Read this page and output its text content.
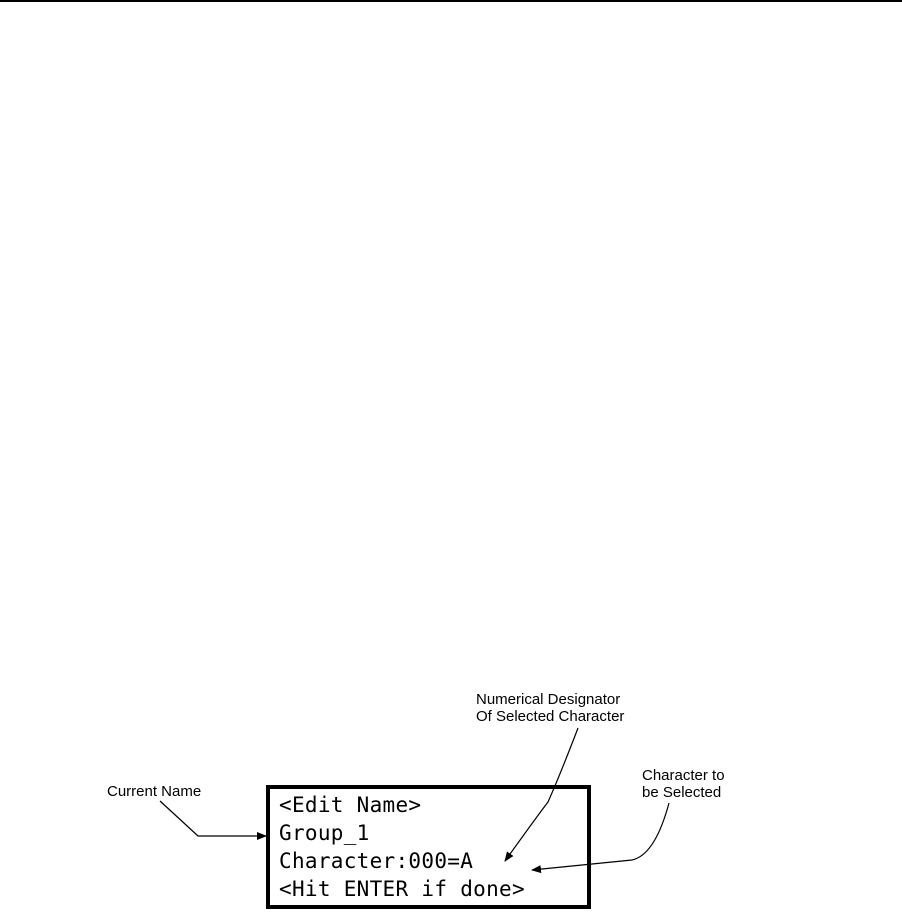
Current Name
Numerical Designator
Of Selected Character
Character to
be Selected
<Edit Name>
Group_1
Character:000=A
<Hit ENTER if done>
